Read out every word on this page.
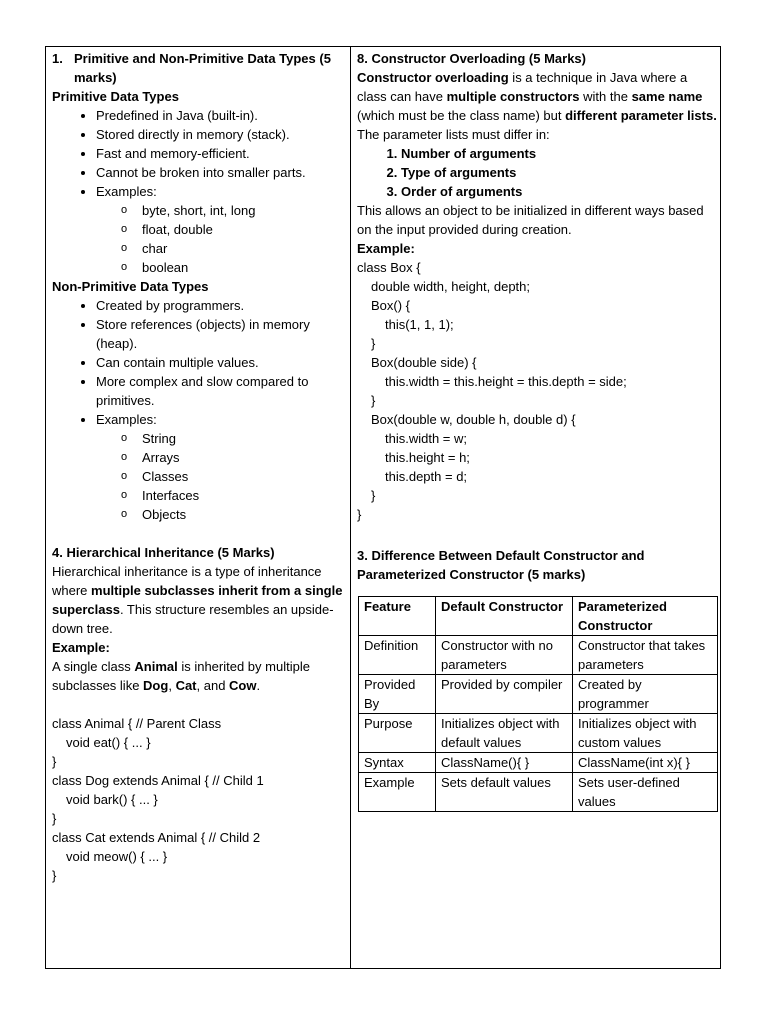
1. Primitive and Non-Primitive Data Types (5 marks)

Primitive Data Types

• Predefined in Java (built-in).
• Stored directly in memory (stack).
• Fast and memory-efficient.
• Cannot be broken into smaller parts.
• Examples:
o byte, short, int, long
o float, double
o char
o boolean

Non-Primitive Data Types

• Created by programmers.
• Store references (objects) in memory (heap).
• Can contain multiple values.
• More complex and slow compared to primitives.
• Examples:
o String
o Arrays
o Classes
o Interfaces
o Objects

4. Hierarchical Inheritance (5 Marks)

Hierarchical inheritance is a type of inheritance where multiple subclasses inherit from a single superclass. This structure resembles an upside-down tree.

Example:

A single class Animal is inherited by multiple subclasses like Dog, Cat, and Cow.

class Animal { // Parent Class
void eat() { ... }
}
class Dog extends Animal { // Child 1
void bark() { ... }
}
class Cat extends Animal { // Child 2
void meow() { ... }
}

8. Constructor Overloading (5 Marks)

Constructor overloading is a technique in Java where a class can have multiple constructors with the same name (which must be the class name) but different parameter lists.

The parameter lists must differ in:

1. Number of arguments
2. Type of arguments
3. Order of arguments

This allows an object to be initialized in different ways based on the input provided during creation.

Example:

class Box {
double width, height, depth;
Box() {
this(1, 1, 1);
}
Box(double side) {
this.width = this.height = this.depth = side;
}
Box(double w, double h, double d) {
this.width = w;
this.height = h;
this.depth = d;
}
}

3. Difference Between Default Constructor and Parameterized Constructor (5 marks)

Feature	Default Constructor	Parameterized Constructor
Definition	Constructor with no parameters	Constructor that takes parameters
Provided By	Provided by compiler	Created by programmer
Purpose	Initializes object with default values	Initializes object with custom values
Syntax	ClassName(){ }	ClassName(int x){ }
Example	Sets default values	Sets user-defined values
